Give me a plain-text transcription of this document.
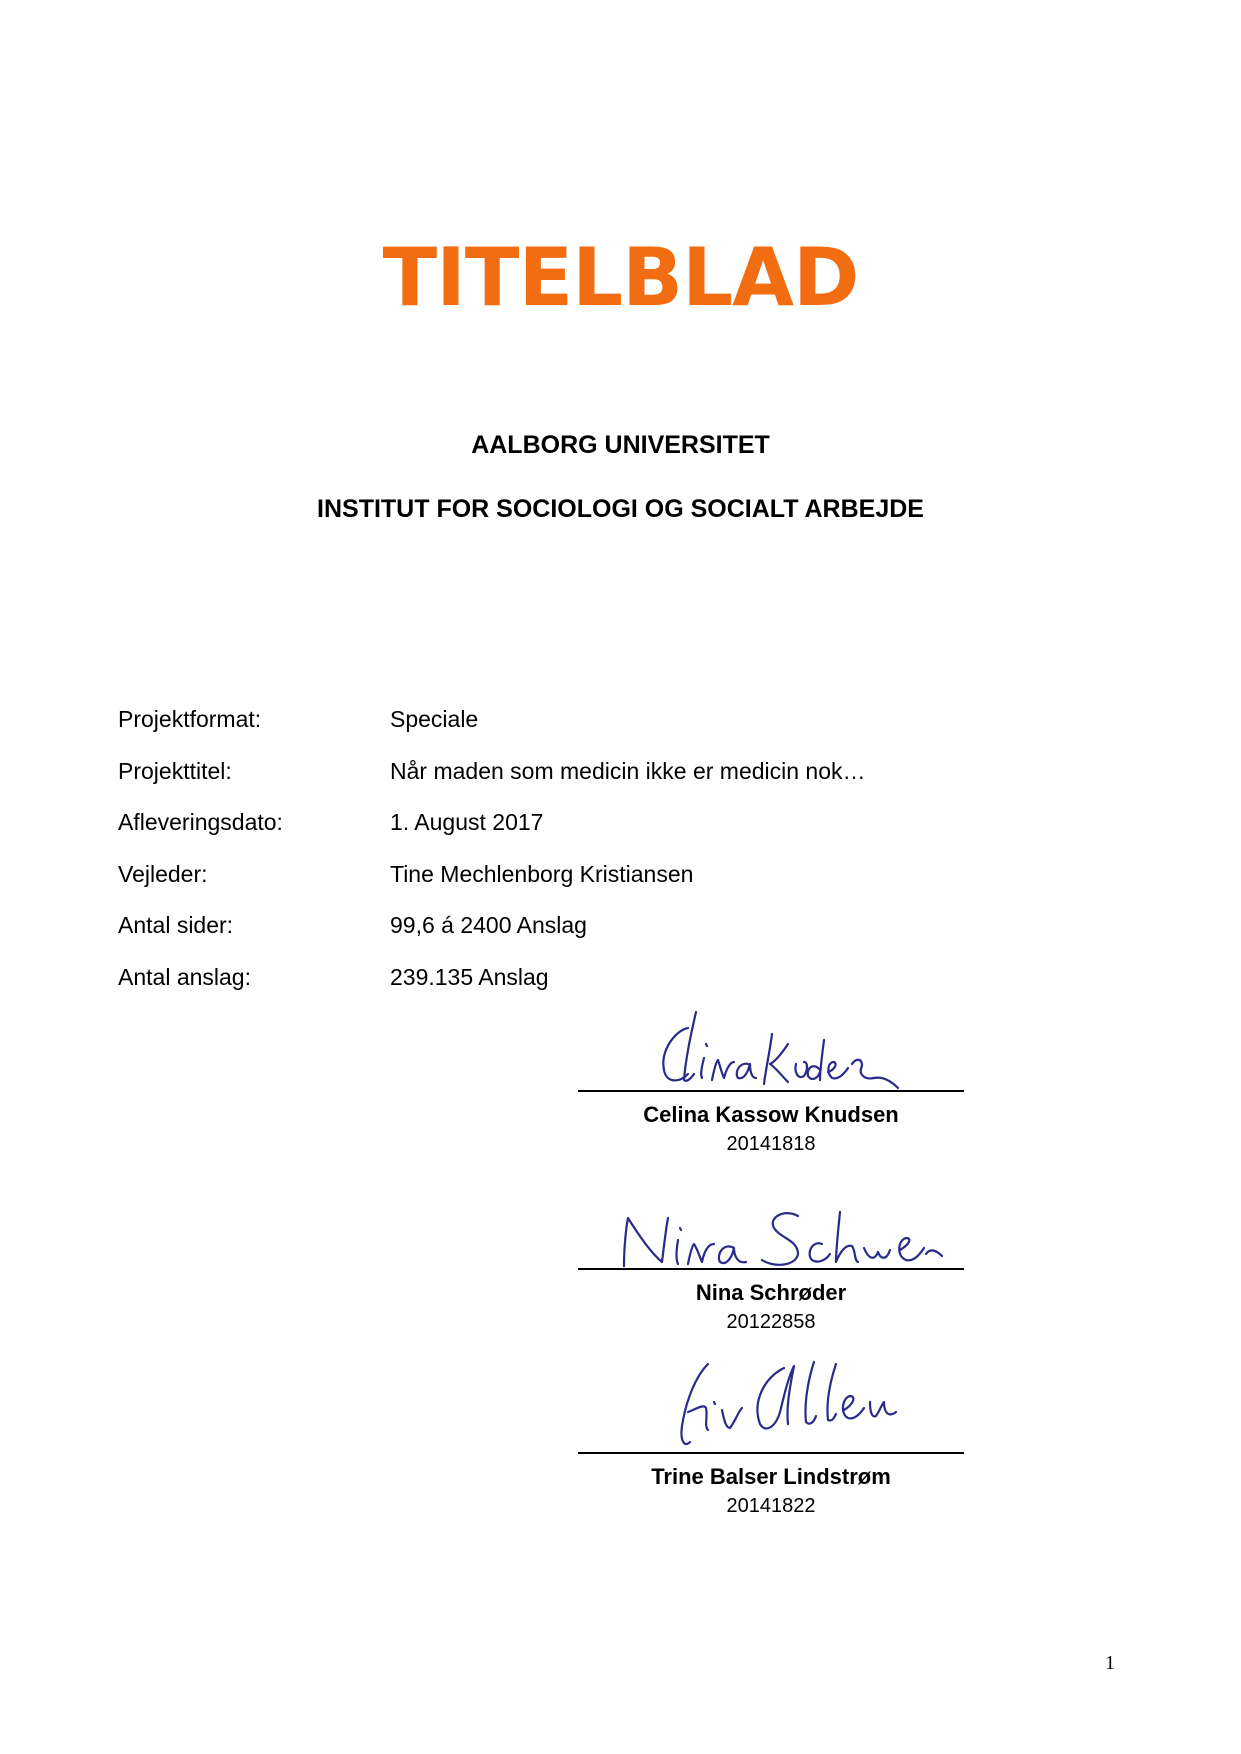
TITELBLAD
AALBORG UNIVERSITET
INSTITUT FOR SOCIOLOGI OG SOCIALT ARBEJDE
Projektformat:	Speciale
Projekttitel:	Når maden som medicin ikke er medicin nok…
Afleveringsdato:	1. August 2017
Vejleder:	Tine Mechlenborg Kristiansen
Antal sider:	99,6 á 2400 Anslag
Antal anslag:	239.135 Anslag
Celina Kassow Knudsen
20141818
Nina Schrøder
20122858
Trine Balser Lindstrøm
20141822
1
